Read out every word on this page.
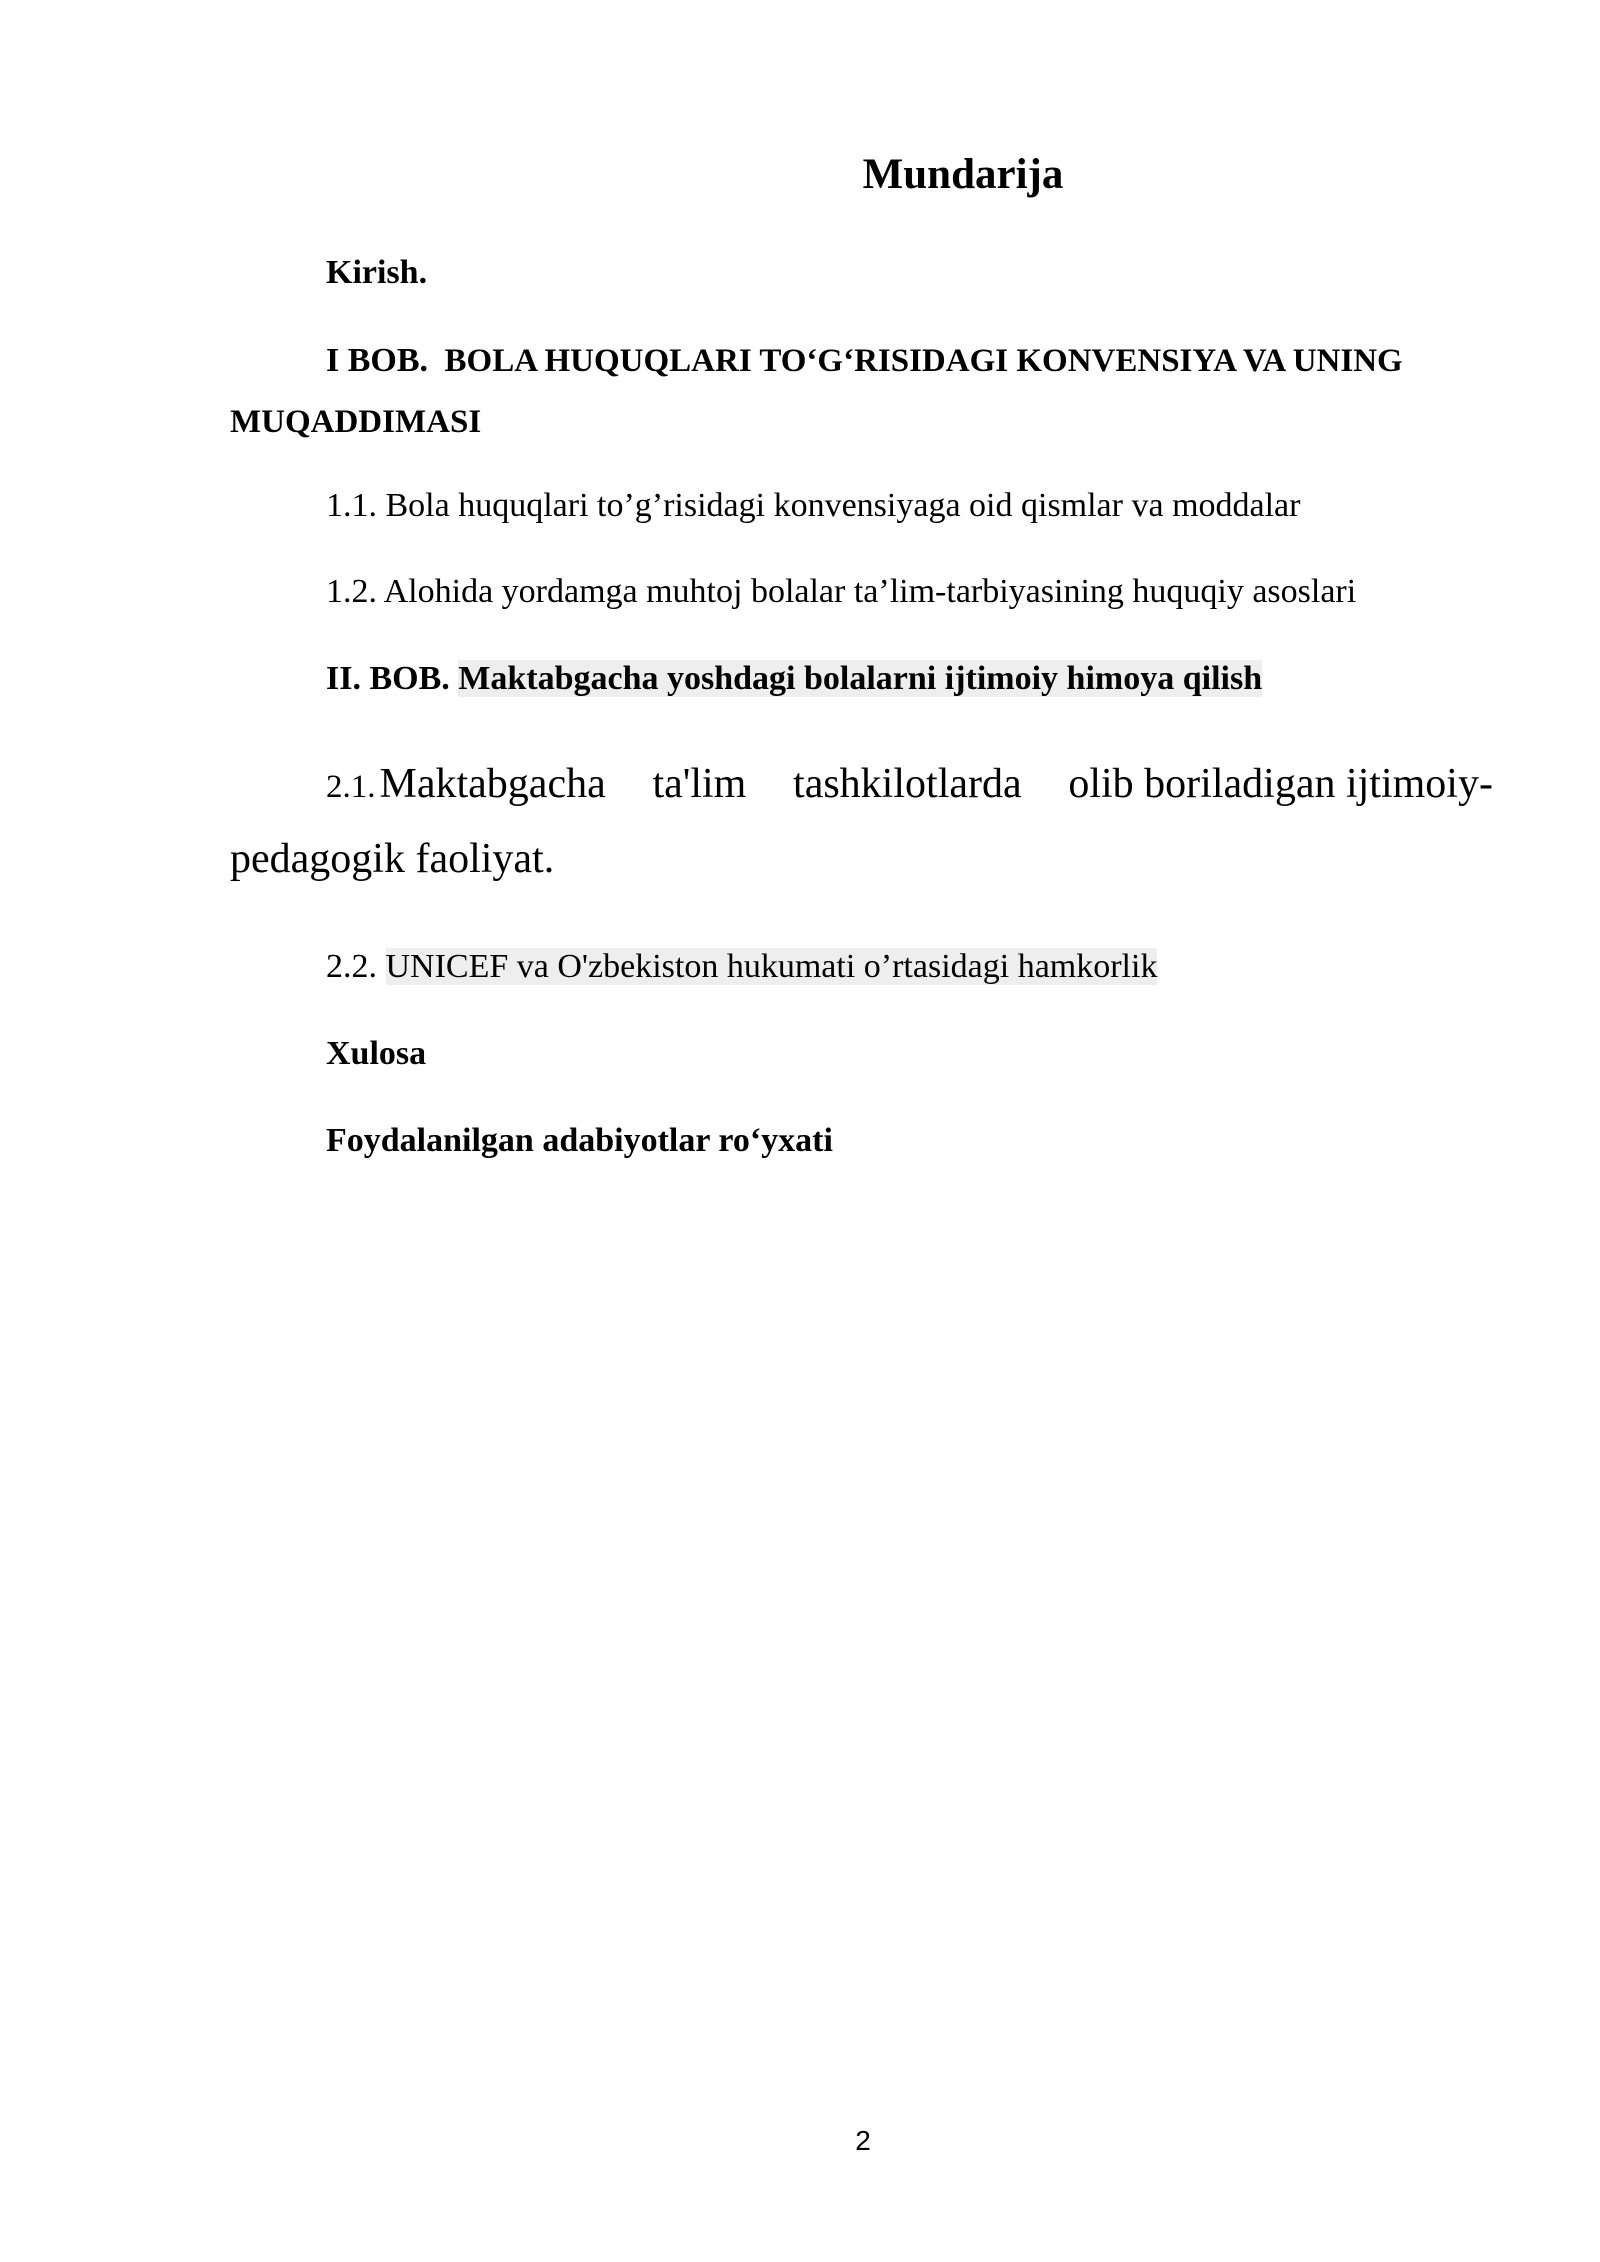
Mundarija

Kirish.

I BOB. BOLA HUQUQLARI TO‘G‘RISIDAGI KONVENSIYA VA UNING

MUQADDIMASI

1.1. Bola huquqlari to’g’risidagi konvensiyaga oid qismlar va moddalar

1.2. Alohida yordamga muhtoj bolalar ta’lim-tarbiyasining huquqiy asoslari

II. BOB. Maktabgacha yoshdagi bolalarni ijtimoiy himoya qilish

2.1. Maktabgacha ta'lim tashkilotlarda olib boriladigan ijtimoiy-

pedagogik faoliyat.

2.2. UNICEF va O'zbekiston hukumati o’rtasidagi hamkorlik

Xulosa

Foydalanilgan adabiyotlar ro‘yxati

2
